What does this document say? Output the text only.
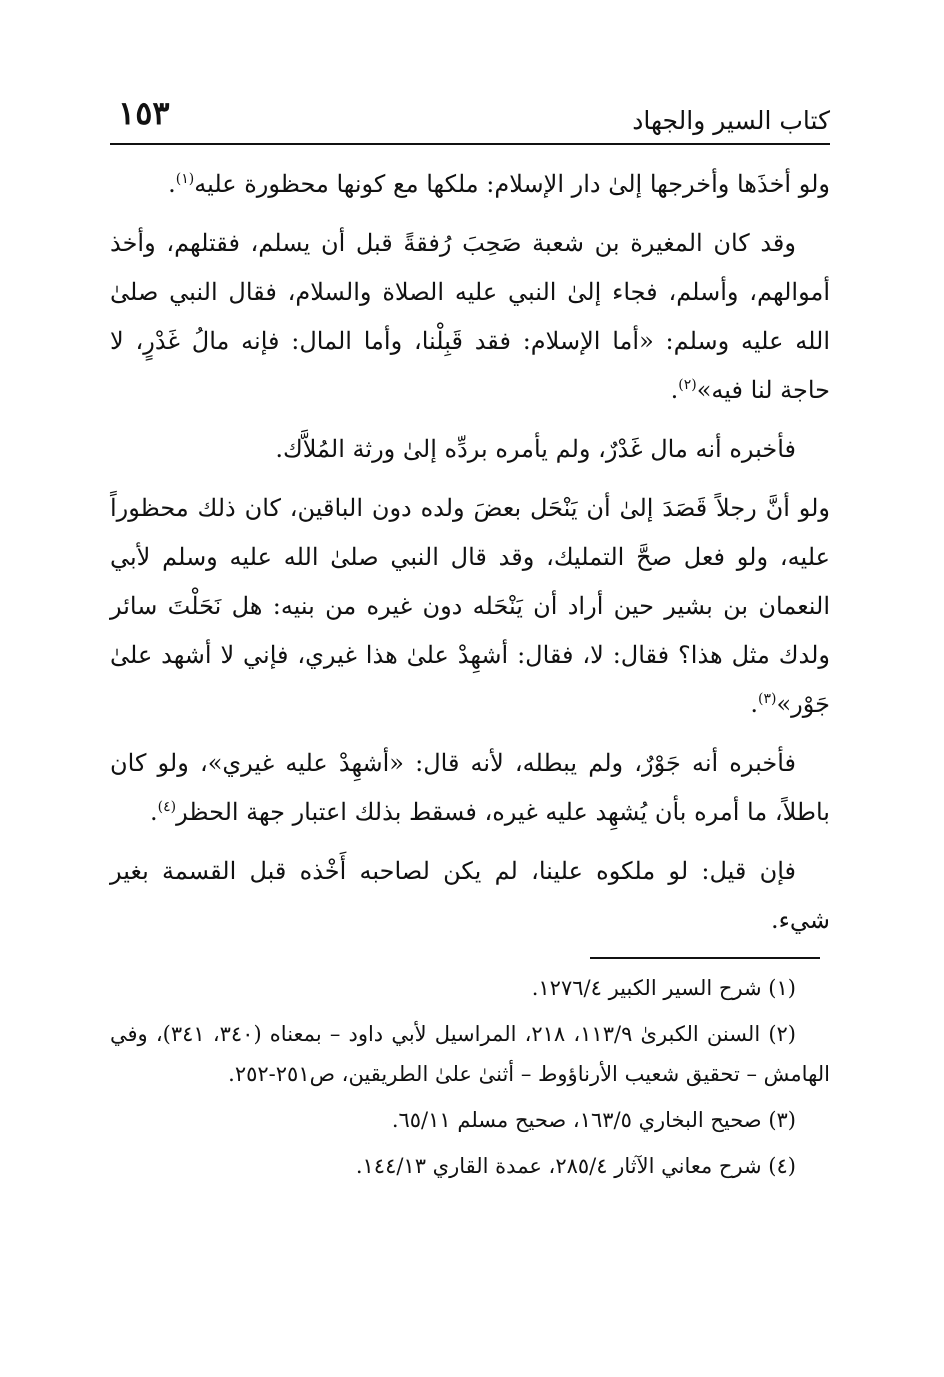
كتاب السير والجهاد
١٥٣

ولو أخذَها وأخرجها إلىٰ دار الإسلام: ملكها مع كونها محظورة عليه$^{(١)}$.

وقد كان المغيرة بن شعبة صَحِبَ رُفقةً قبل أن يسلم، فقتلهم، وأخذ أموالهم، وأسلم، فجاء إلىٰ النبي عليه الصلاة والسلام، فقال النبي صلىٰ الله عليه وسلم: «أما الإسلام: فقد قَبِلْنا، وأما المال: فإنه مالُ غَدْرٍ، لا حاجة لنا فيه»$^{(٢)}$.

فأخبره أنه مال غَدْرٌ، ولم يأمره بردِّه إلىٰ ورثة المُلاَّك.

ولو أنَّ رجلاً قَصَدَ إلىٰ أن يَنْحَل بعضَ ولده دون الباقين، كان ذلك محظوراً عليه، ولو فعل صحَّ التمليك، وقد قال النبي صلىٰ الله عليه وسلم لأبي النعمان بن بشير حين أراد أن يَنْحَله دون غيره من بنيه: هل نَحَلْتَ سائر ولدك مثل هذا؟ فقال: لا، فقال: أشهِدْ علىٰ هذا غيري، فإني لا أشهد علىٰ جَوْر»$^{(٣)}$.

فأخبره أنه جَوْرٌ، ولم يبطله، لأنه قال: «أشهِدْ عليه غيري»، ولو كان باطلاً، ما أمره بأن يُشهِد عليه غيره، فسقط بذلك اعتبار جهة الحظر$^{(٤)}$.

فإن قيل: لو ملكوه علينا، لم يكن لصاحبه أَخْذه قبل القسمة بغير شيء.

(١) شرح السير الكبير ١٢٧٦/٤.

(٢) السنن الكبرىٰ ١١٣/٩، ٢١٨، المراسيل لأبي داود – بمعناه (٣٤٠، ٣٤١)، وفي الهامش – تحقيق شعيب الأرناؤوط – أثنىٰ علىٰ الطريقين، ص٢٥١-٢٥٢.

(٣) صحيح البخاري ١٦٣/٥، صحيح مسلم ٦٥/١١.

(٤) شرح معاني الآثار ٢٨٥/٤، عمدة القاري ١٤٤/١٣.
